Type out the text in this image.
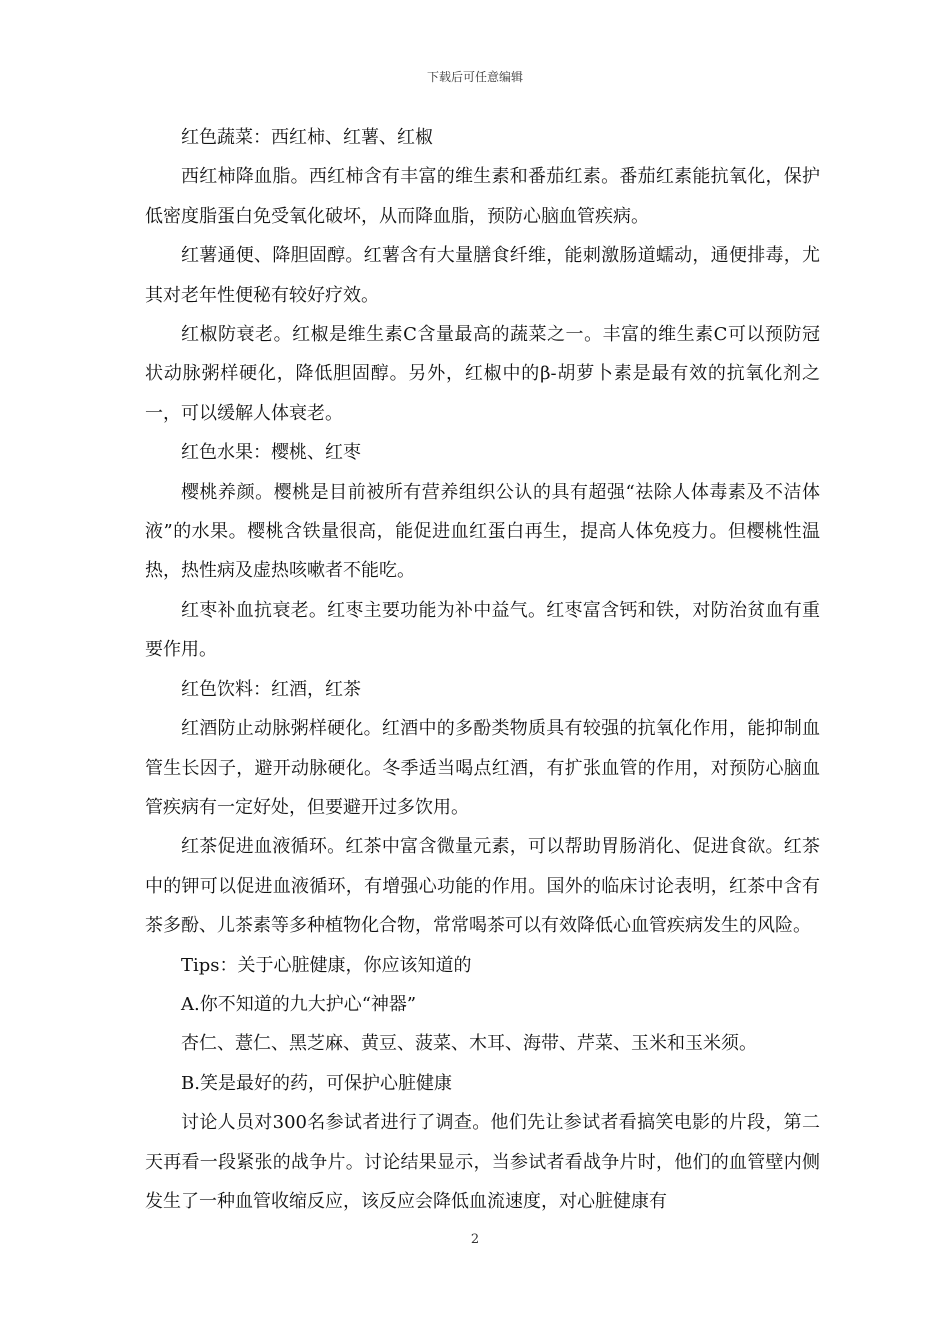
下载后可任意编辑

红色蔬菜：西红柿、红薯、红椒

西红柿降血脂。西红柿含有丰富的维生素和番茄红素。番茄红素能抗氧化，保护低密度脂蛋白免受氧化破坏，从而降血脂，预防心脑血管疾病。

红薯通便、降胆固醇。红薯含有大量膳食纤维，能刺激肠道蠕动，通便排毒，尤其对老年性便秘有较好疗效。

红椒防衰老。红椒是维生素C含量最高的蔬菜之一。丰富的维生素C可以预防冠状动脉粥样硬化，降低胆固醇。另外，红椒中的β-胡萝卜素是最有效的抗氧化剂之一，可以缓解人体衰老。

红色水果：樱桃、红枣

樱桃养颜。樱桃是目前被所有营养组织公认的具有超强“祛除人体毒素及不洁体液”的水果。樱桃含铁量很高，能促进血红蛋白再生，提高人体免疫力。但樱桃性温热，热性病及虚热咳嗽者不能吃。

红枣补血抗衰老。红枣主要功能为补中益气。红枣富含钙和铁，对防治贫血有重要作用。

红色饮料：红酒，红茶

红酒防止动脉粥样硬化。红酒中的多酚类物质具有较强的抗氧化作用，能抑制血管生长因子，避开动脉硬化。冬季适当喝点红酒，有扩张血管的作用，对预防心脑血管疾病有一定好处，但要避开过多饮用。

红茶促进血液循环。红茶中富含微量元素，可以帮助胃肠消化、促进食欲。红茶中的钾可以促进血液循环，有增强心功能的作用。国外的临床讨论表明，红茶中含有茶多酚、儿茶素等多种植物化合物，常常喝茶可以有效降低心血管疾病发生的风险。

Tips：关于心脏健康，你应该知道的

A.你不知道的九大护心“神器”

杏仁、薏仁、黑芝麻、黄豆、菠菜、木耳、海带、芹菜、玉米和玉米须。

B.笑是最好的药，可保护心脏健康

讨论人员对300名参试者进行了调查。他们先让参试者看搞笑电影的片段，第二天再看一段紧张的战争片。讨论结果显示，当参试者看战争片时，他们的血管壁内侧发生了一种血管收缩反应，该反应会降低血流速度，对心脏健康有

2
